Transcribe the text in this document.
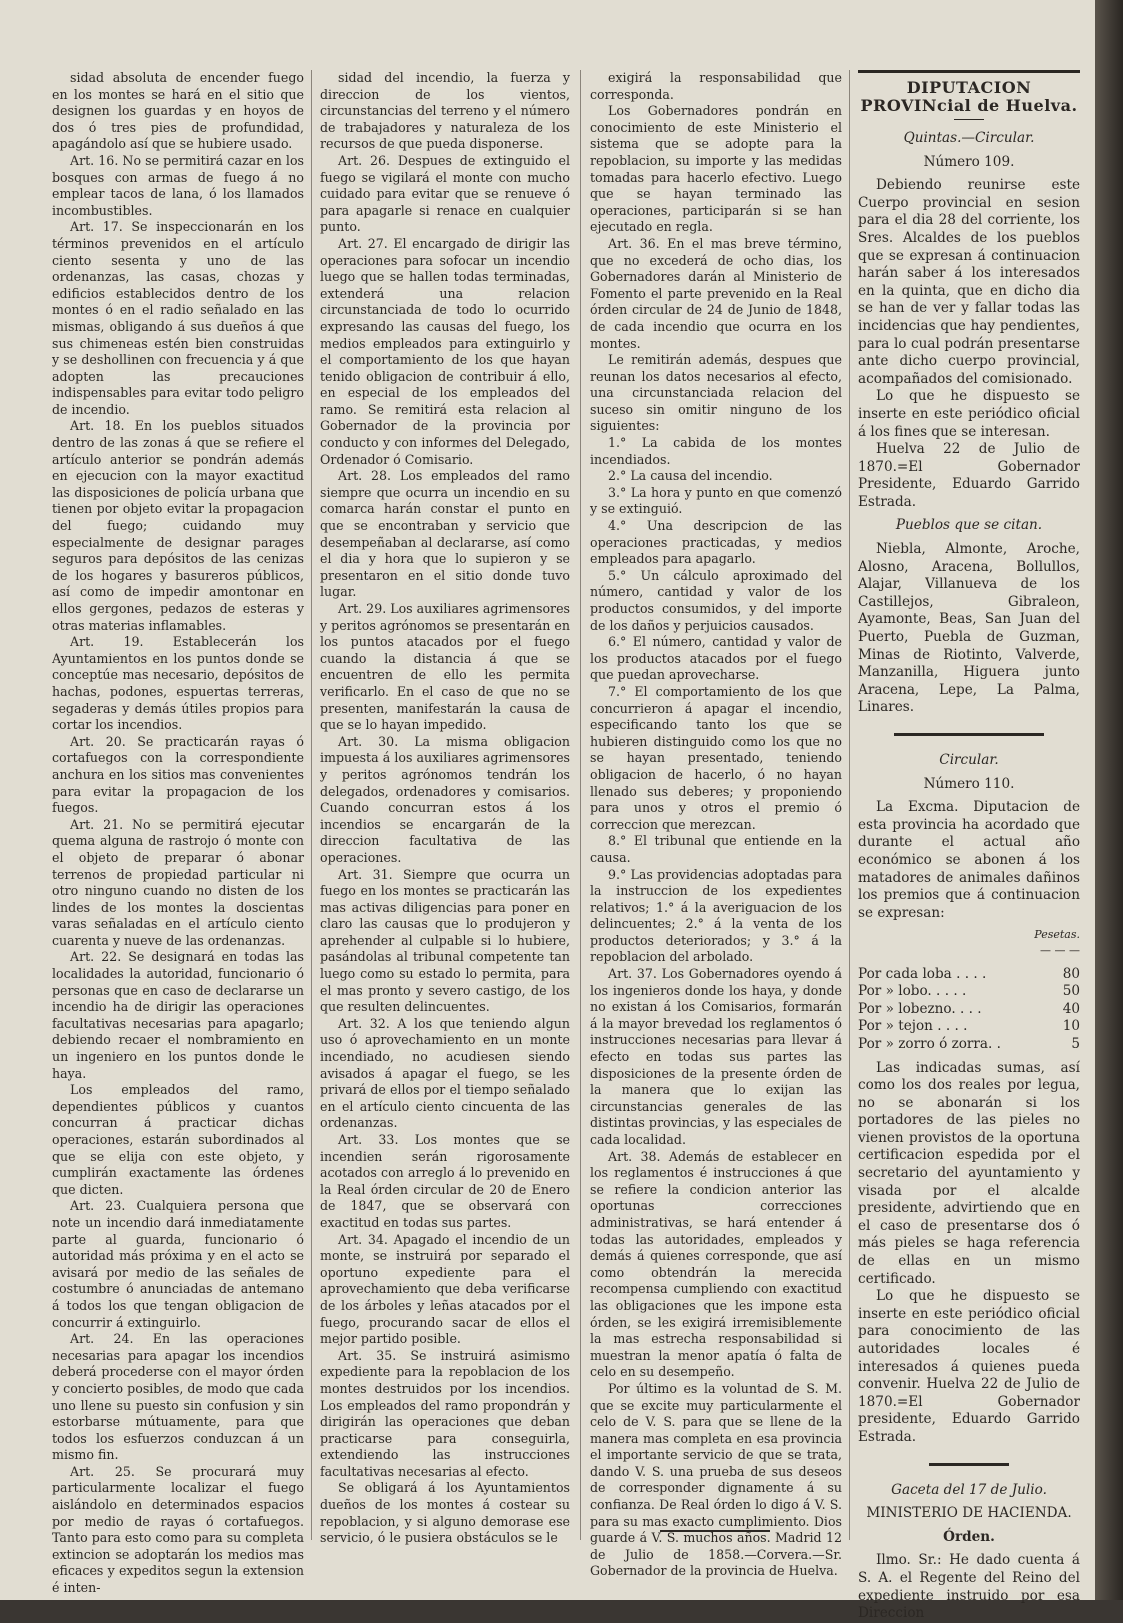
sidad absoluta de encender fuego en los montes se hará en el sitio que designen los guardas y en hoyos de dos ó tres pies de profundidad, apagándolo así que se hubiere usado.

Art. 16. No se permitirá cazar en los bosques con armas de fuego á no emplear tacos de lana, ó los llamados incombustibles.

Art. 17. Se inspeccionarán en los términos prevenidos en el artículo ciento sesenta y uno de las ordenanzas, las casas, chozas y edificios establecidos dentro de los montes ó en el radio señalado en las mismas, obligando á sus dueños á que sus chimeneas estén bien construidas y se deshollinen con frecuencia y á que adopten las precauciones indispensables para evitar todo peligro de incendio.

Art. 18. En los pueblos situados dentro de las zonas á que se refiere el artículo anterior se pondrán además en ejecucion con la mayor exactitud las disposiciones de policía urbana que tienen por objeto evitar la propagacion del fuego; cuidando muy especialmente de designar parages seguros para depósitos de las cenizas de los hogares y basureros públicos, así como de impedir amontonar en ellos gergones, pedazos de esteras y otras materias inflamables.

Art. 19. Establecerán los Ayuntamientos en los puntos donde se conceptúe mas necesario, depósitos de hachas, podones, espuertas terreras, segaderas y demás útiles propios para cortar los incendios.

Art. 20. Se practicarán rayas ó cortafuegos con la correspondiente anchura en los sitios mas convenientes para evitar la propagacion de los fuegos.

Art. 21. No se permitirá ejecutar quema alguna de rastrojo ó monte con el objeto de preparar ó abonar terrenos de propiedad particular ni otro ninguno cuando no disten de los lindes de los montes la doscientas varas señaladas en el artículo ciento cuarenta y nueve de las ordenanzas.

Art. 22. Se designará en todas las localidades la autoridad, funcionario ó personas que en caso de declararse un incendio ha de dirigir las operaciones facultativas necesarias para apagarlo; debiendo recaer el nombramiento en un ingeniero en los puntos donde le haya.

Los empleados del ramo, dependientes públicos y cuantos concurran á practicar dichas operaciones, estarán subordinados al que se elija con este objeto, y cumplirán exactamente las órdenes que dicten.

Art. 23. Cualquiera persona que note un incendio dará inmediatamente parte al guarda, funcionario ó autoridad más próxima y en el acto se avisará por medio de las señales de costumbre ó anunciadas de antemano á todos los que tengan obligacion de concurrir á extinguirlo.

Art. 24. En las operaciones necesarias para apagar los incendios deberá procederse con el mayor órden y concierto posibles, de modo que cada uno llene su puesto sin confusion y sin estorbarse mútuamente, para que todos los esfuerzos conduzcan á un mismo fin.

Art. 25. Se procurará muy particularmente localizar el fuego aislándolo en determinados espacios por medio de rayas ó cortafuegos. Tanto para esto como para su completa extincion se adoptarán los medios mas eficaces y expeditos segun la extension é inten-

sidad del incendio, la fuerza y direccion de los vientos, circunstancias del terreno y el número de trabajadores y naturaleza de los recursos de que pueda disponerse.

Art. 26. Despues de extinguido el fuego se vigilará el monte con mucho cuidado para evitar que se renueve ó para apagarle si renace en cualquier punto.

Art. 27. El encargado de dirigir las operaciones para sofocar un incendio luego que se hallen todas terminadas, extenderá una relacion circunstanciada de todo lo ocurrido expresando las causas del fuego, los medios empleados para extinguirlo y el comportamiento de los que hayan tenido obligacion de contribuir á ello, en especial de los empleados del ramo. Se remitirá esta relacion al Gobernador de la provincia por conducto y con informes del Delegado, Ordenador ó Comisario.

Art. 28. Los empleados del ramo siempre que ocurra un incendio en su comarca harán constar el punto en que se encontraban y servicio que desempeñaban al declararse, así como el dia y hora que lo supieron y se presentaron en el sitio donde tuvo lugar.

Art. 29. Los auxiliares agrimensores y peritos agrónomos se presentarán en los puntos atacados por el fuego cuando la distancia á que se encuentren de ello les permita verificarlo. En el caso de que no se presenten, manifestarán la causa de que se lo hayan impedido.

Art. 30. La misma obligacion impuesta á los auxiliares agrimensores y peritos agrónomos tendrán los delegados, ordenadores y comisarios. Cuando concurran estos á los incendios se encargarán de la direccion facultativa de las operaciones.

Art. 31. Siempre que ocurra un fuego en los montes se practicarán las mas activas diligencias para poner en claro las causas que lo produjeron y aprehender al culpable si lo hubiere, pasándolas al tribunal competente tan luego como su estado lo permita, para el mas pronto y severo castigo, de los que resulten delincuentes.

Art. 32. A los que teniendo algun uso ó aprovechamiento en un monte incendiado, no acudiesen siendo avisados á apagar el fuego, se les privará de ellos por el tiempo señalado en el artículo ciento cincuenta de las ordenanzas.

Art. 33. Los montes que se incendien serán rigorosamente acotados con arreglo á lo prevenido en la Real órden circular de 20 de Enero de 1847, que se observará con exactitud en todas sus partes.

Art. 34. Apagado el incendio de un monte, se instruirá por separado el oportuno expediente para el aprovechamiento que deba verificarse de los árboles y leñas atacados por el fuego, procurando sacar de ellos el mejor partido posible.

Art. 35. Se instruirá asimismo expediente para la repoblacion de los montes destruidos por los incendios. Los empleados del ramo propondrán y dirigirán las operaciones que deban practicarse para conseguirla, extendiendo las instrucciones facultativas necesarias al efecto.

Se obligará á los Ayuntamientos dueños de los montes á costear su repoblacion, y si alguno demorase ese servicio, ó le pusiera obstáculos se le

exigirá la responsabilidad que corresponda.

Los Gobernadores pondrán en conocimiento de este Ministerio el sistema que se adopte para la repoblacion, su importe y las medidas tomadas para hacerlo efectivo. Luego que se hayan terminado las operaciones, participarán si se han ejecutado en regla.

Art. 36. En el mas breve término, que no excederá de ocho dias, los Gobernadores darán al Ministerio de Fomento el parte prevenido en la Real órden circular de 24 de Junio de 1848, de cada incendio que ocurra en los montes.

Le remitirán además, despues que reunan los datos necesarios al efecto, una circunstanciada relacion del suceso sin omitir ninguno de los siguientes:

1.° La cabida de los montes incendiados.

2.° La causa del incendio.

3.° La hora y punto en que comenzó y se extinguió.

4.° Una descripcion de las operaciones practicadas, y medios empleados para apagarlo.

5.° Un cálculo aproximado del número, cantidad y valor de los productos consumidos, y del importe de los daños y perjuicios causados.

6.° El número, cantidad y valor de los productos atacados por el fuego que puedan aprovecharse.

7.° El comportamiento de los que concurrieron á apagar el incendio, especificando tanto los que se hubieren distinguido como los que no se hayan presentado, teniendo obligacion de hacerlo, ó no hayan llenado sus deberes; y proponiendo para unos y otros el premio ó correccion que merezcan.

8.° El tribunal que entiende en la causa.

9.° Las providencias adoptadas para la instruccion de los expedientes relativos; 1.° á la averiguacion de los delincuentes; 2.° á la venta de los productos deteriorados; y 3.° á la repoblacion del arbolado.

Art. 37. Los Gobernadores oyendo á los ingenieros donde los haya, y donde no existan á los Comisarios, formarán á la mayor brevedad los reglamentos ó instrucciones necesarias para llevar á efecto en todas sus partes las disposiciones de la presente órden de la manera que lo exijan las circunstancias generales de las distintas provincias, y las especiales de cada localidad.

Art. 38. Además de establecer en los reglamentos é instrucciones á que se refiere la condicion anterior las oportunas correcciones administrativas, se hará entender á todas las autoridades, empleados y demás á quienes corresponde, que así como obtendrán la merecida recompensa cumpliendo con exactitud las obligaciones que les impone esta órden, se les exigirá irremisiblemente la mas estrecha responsabilidad si muestran la menor apatía ó falta de celo en su desempeño.

Por último es la voluntad de S. M. que se excite muy particularmente el celo de V. S. para que se llene de la manera mas completa en esa provincia el importante servicio de que se trata, dando V. S. una prueba de sus deseos de corresponder dignamente á su confianza. De Real órden lo digo á V. S. para su mas exacto cumplimiento. Dios guarde á V. S. muchos años. Madrid 12 de Julio de 1858.—Corvera.—Sr. Gobernador de la provincia de Huelva.

DIPUTACION PROVINcial de Huelva.

Quintas.—Circular.

Número 109.

Debiendo reunirse este Cuerpo provincial en sesion para el dia 28 del corriente, los Sres. Alcaldes de los pueblos que se expresan á continuacion harán saber á los interesados en la quinta, que en dicho dia se han de ver y fallar todas las incidencias que hay pendientes, para lo cual podrán presentarse ante dicho cuerpo provincial, acompañados del comisionado.

Lo que he dispuesto se inserte en este periódico oficial á los fines que se interesan.

Huelva 22 de Julio de 1870.=El Gobernador Presidente, Eduardo Garrido Estrada.

Pueblos que se citan.

Niebla, Almonte, Aroche, Alosno, Aracena, Bollullos, Alajar, Villanueva de los Castillejos, Gibraleon, Ayamonte, Beas, San Juan del Puerto, Puebla de Guzman, Minas de Riotinto, Valverde, Manzanilla, Higuera junto Aracena, Lepe, La Palma, Linares.

Circular.

Número 110.

La Excma. Diputacion de esta provincia ha acordado que durante el actual año económico se abonen á los matadores de animales dañinos los premios que á continuacion se expresan:

Pesetas.
— — —
Por cada loba . . . .	80
Por » lobo. . . . .	50
Por » lobezno. . . .	40
Por » tejon . . . .	10
Por » zorro ó zorra. .	5

Las indicadas sumas, así como los dos reales por legua, no se abonarán si los portadores de las pieles no vienen provistos de la oportuna certificacion espedida por el secretario del ayuntamiento y visada por el alcalde presidente, advirtiendo que en el caso de presentarse dos ó más pieles se haga referencia de ellas en un mismo certificado.

Lo que he dispuesto se inserte en este periódico oficial para conocimiento de las autoridades locales é interesados á quienes pueda convenir. Huelva 22 de Julio de 1870.=El Gobernador presidente, Eduardo Garrido Estrada.

Gaceta del 17 de Julio.

MINISTERIO DE HACIENDA.

Órden.

Ilmo. Sr.: He dado cuenta á S. A. el Regente del Reino del expediente instruido por esa Direccion
